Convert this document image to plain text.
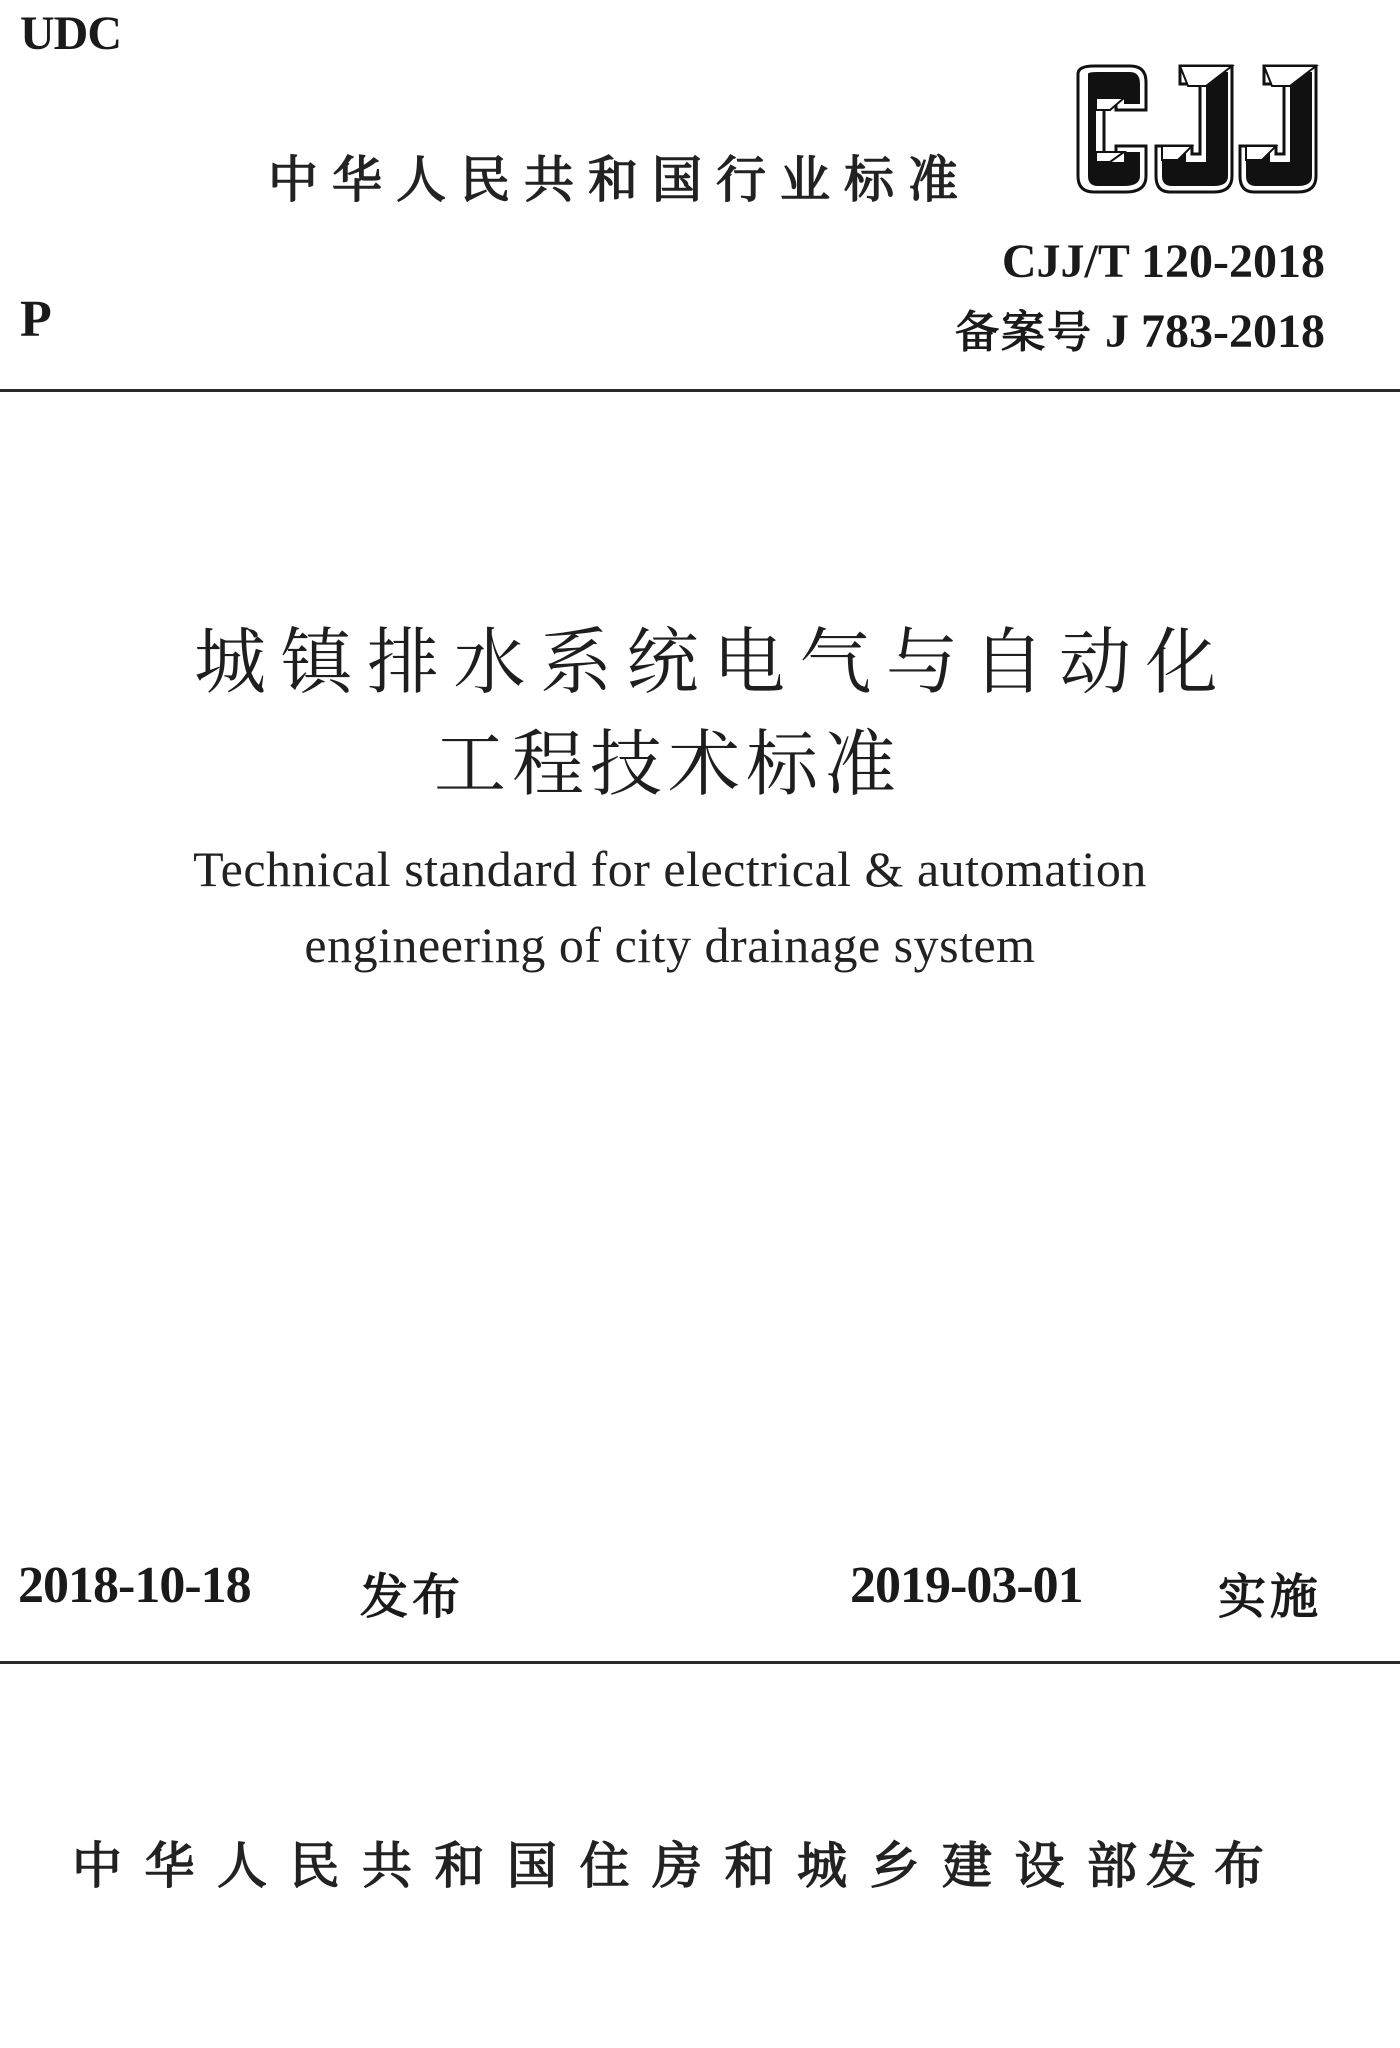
UDC
中华人民共和国行业标准
CJJ/T 120-2018
备案号 J 783-2018
P
城镇排水系统电气与自动化
工程技术标准
Technical standard for electrical & automation
engineering of city drainage system
2018-10-18 发布	2019-03-01	实施
中华人民共和国住房和城乡建设部
发布
